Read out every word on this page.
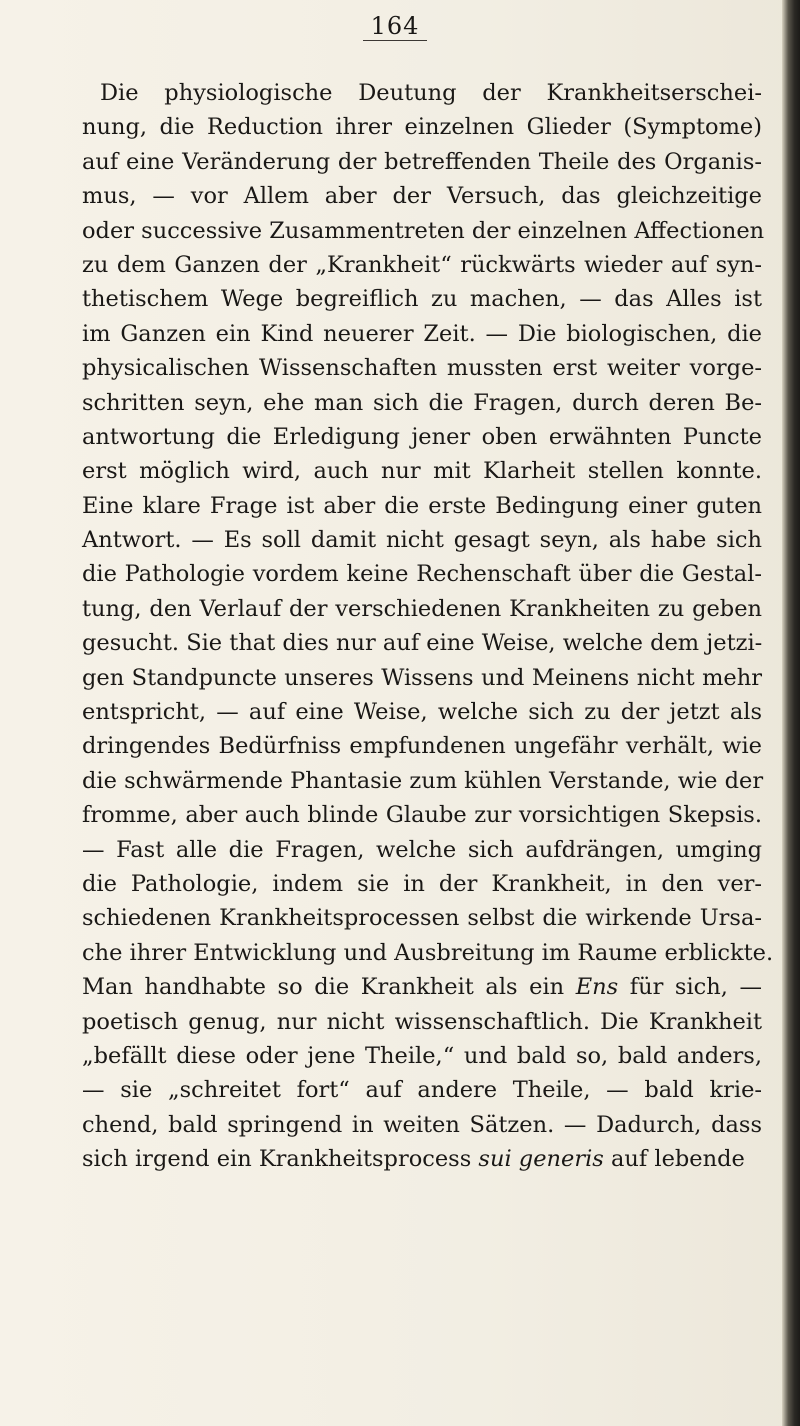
164
Die physiologische Deutung der Krankheitserschei-
nung, die Reduction ihrer einzelnen Glieder (Symptome)
auf eine Veränderung der betreffenden Theile des Organis-
mus, — vor Allem aber der Versuch, das gleichzeitige
oder successive Zusammentreten der einzelnen Affectionen
zu dem Ganzen der „Krankheit“ rückwärts wieder auf syn-
thetischem Wege begreiflich zu machen, — das Alles ist
im Ganzen ein Kind neuerer Zeit. — Die biologischen, die
physicalischen Wissenschaften mussten erst weiter vorge-
schritten seyn, ehe man sich die Fragen, durch deren Be-
antwortung die Erledigung jener oben erwähnten Puncte
erst möglich wird, auch nur mit Klarheit stellen konnte.
Eine klare Frage ist aber die erste Bedingung einer guten
Antwort. — Es soll damit nicht gesagt seyn, als habe sich
die Pathologie vordem keine Rechenschaft über die Gestal-
tung, den Verlauf der verschiedenen Krankheiten zu geben
gesucht. Sie that dies nur auf eine Weise, welche dem jetzi-
gen Standpuncte unseres Wissens und Meinens nicht mehr
entspricht, — auf eine Weise, welche sich zu der jetzt als
dringendes Bedürfniss empfundenen ungefähr verhält, wie
die schwärmende Phantasie zum kühlen Verstande, wie der
fromme, aber auch blinde Glaube zur vorsichtigen Skepsis.
— Fast alle die Fragen, welche sich aufdrängen, umging
die Pathologie, indem sie in der Krankheit, in den ver-
schiedenen Krankheitsprocessen selbst die wirkende Ursa-
che ihrer Entwicklung und Ausbreitung im Raume erblickte.
Man handhabte so die Krankheit als ein Ens für sich, —
poetisch genug, nur nicht wissenschaftlich. Die Krankheit
„befällt diese oder jene Theile,“ und bald so, bald anders,
— sie „schreitet fort“ auf andere Theile, — bald krie-
chend, bald springend in weiten Sätzen. — Dadurch, dass
sich irgend ein Krankheitsprocess sui generis auf lebende
